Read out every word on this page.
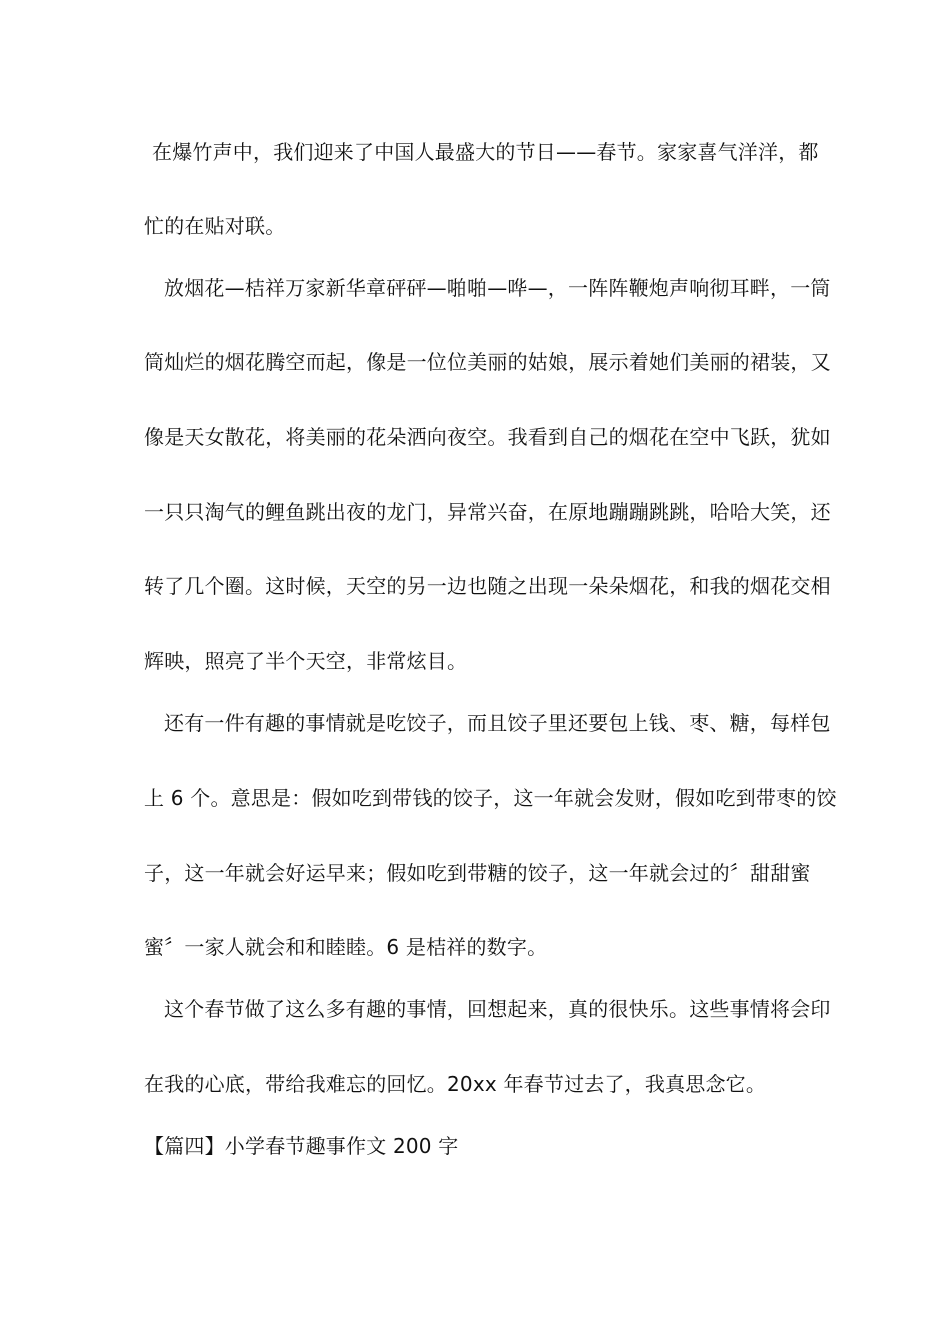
在爆竹声中，我们迎来了中国人最盛大的节日——春节。家家喜气洋洋，都
忙的在贴对联。
放烟花—桔祥万家新华章砰砰—啪啪—哗—，一阵阵鞭炮声响彻耳畔，一筒
筒灿烂的烟花腾空而起，像是一位位美丽的姑娘，展示着她们美丽的裙装，又
像是天女散花，将美丽的花朵洒向夜空。我看到自己的烟花在空中飞跃，犹如
一只只淘气的鲤鱼跳出夜的龙门，异常兴奋，在原地蹦蹦跳跳，哈哈大笑，还
转了几个圈。这时候，天空的另一边也随之出现一朵朵烟花，和我的烟花交相
辉映，照亮了半个天空，非常炫目。
还有一件有趣的事情就是吃饺子，而且饺子里还要包上钱、枣、糖，每样包
上 6 个。意思是：假如吃到带钱的饺子，这一年就会发财，假如吃到带枣的饺
子，这一年就会好运早来；假如吃到带糖的饺子，这一年就会过的〞甜甜蜜
蜜〞一家人就会和和睦睦。6 是桔祥的数字。
这个春节做了这么多有趣的事情，回想起来，真的很快乐。这些事情将会印
在我的心底，带给我难忘的回忆。20xx 年春节过去了，我真思念它。
【篇四】小学春节趣事作文 200 字
